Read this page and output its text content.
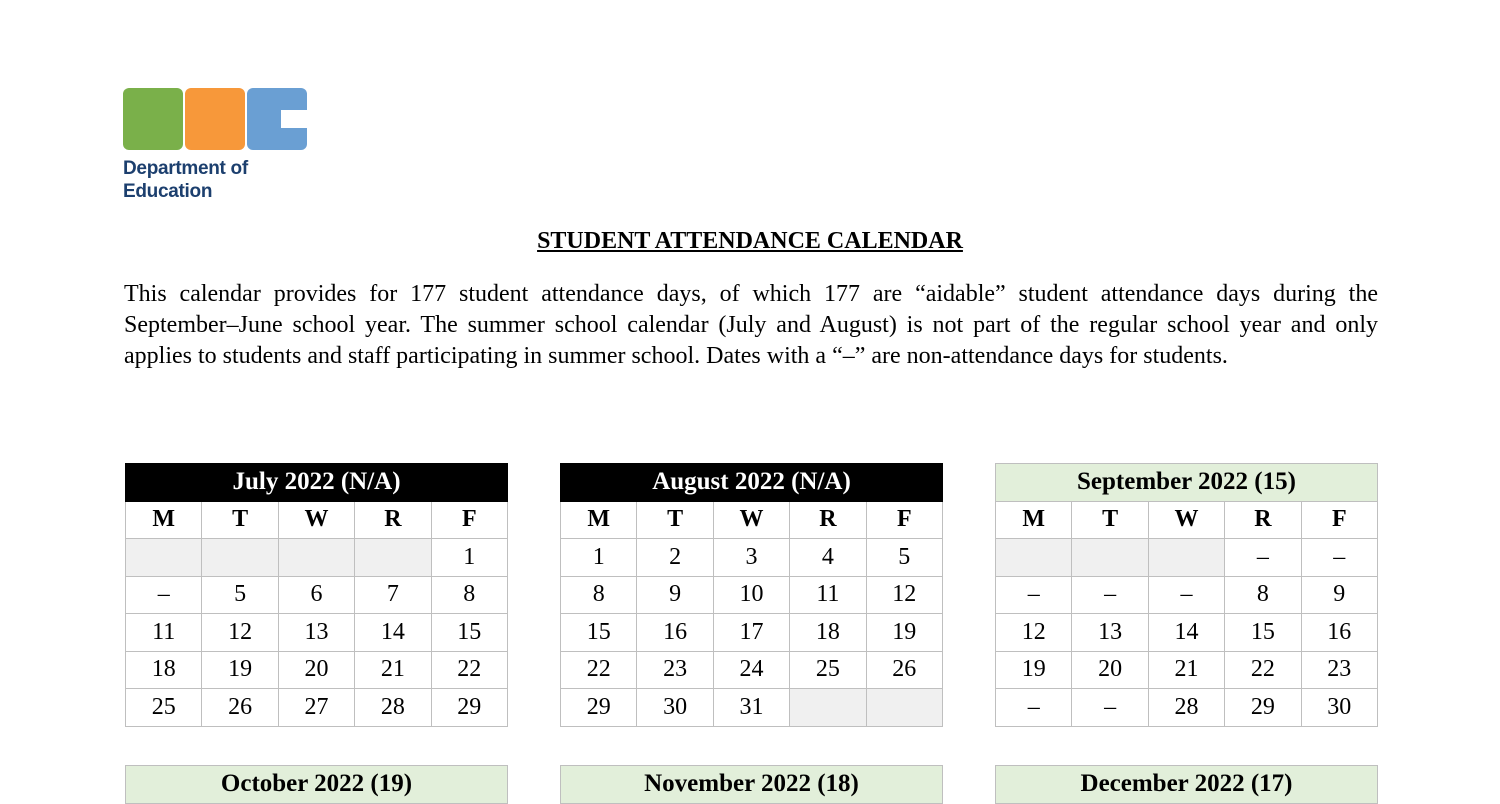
Department of
Education
STUDENT ATTENDANCE CALENDAR

This calendar provides for 177 student attendance days, of which 177 are “aidable” student attendance days during the September–June school year. The summer school calendar (July and August) is not part of the regular school year and only applies to students and staff participating in summer school. Dates with a “–” are non-attendance days for students.

July 2022 (N/A)				
M	T	W	R	F
				1
–	5	6	7	8
11	12	13	14	15
18	19	20	21	22
25	26	27	28	29
August 2022 (N/A)				
M	T	W	R	F
1	2	3	4	5
8	9	10	11	12
15	16	17	18	19
22	23	24	25	26
29	30	31		
September 2022 (15)				
M	T	W	R	F
			–	–
–	–	–	8	9
12	13	14	15	16
19	20	21	22	23
–	–	28	29	30
October 2022 (19)	November 2022 (18)	December 2022 (17)
